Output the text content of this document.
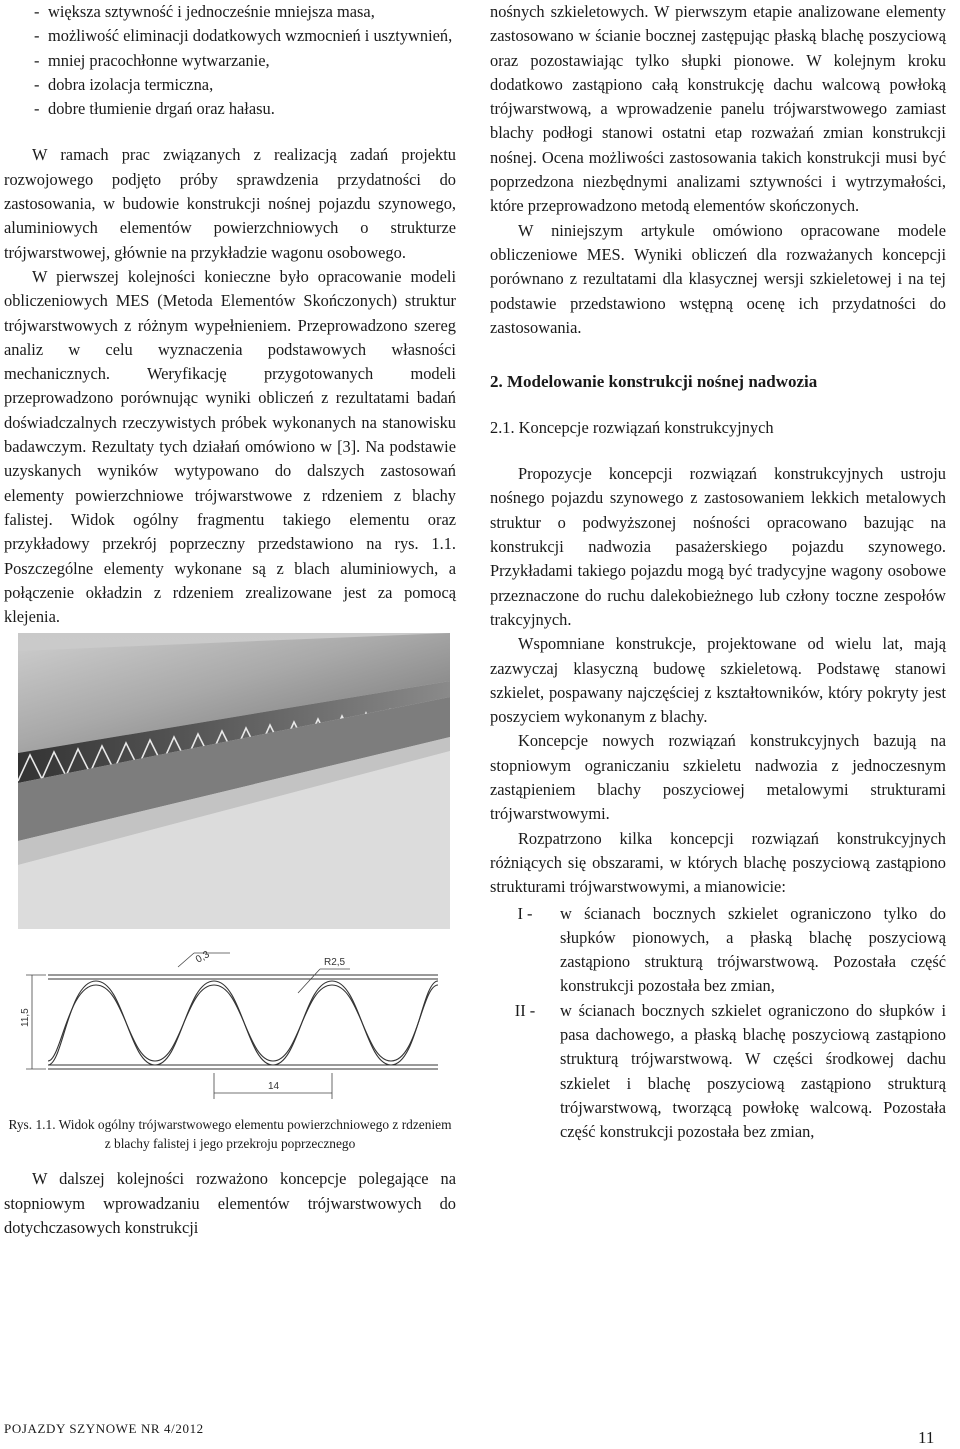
- większa sztywność i jednocześnie mniejsza masa,
- możliwość eliminacji dodatkowych wzmocnień i usztywnień,
- mniej pracochłonne wytwarzanie,
- dobra izolacja termiczna,
- dobre tłumienie drgań oraz hałasu.

W ramach prac związanych z realizacją zadań projektu rozwojowego podjęto próby sprawdzenia przydatności do zastosowania, w budowie konstrukcji nośnej pojazdu szynowego, aluminiowych elementów powierzchniowych o strukturze trójwarstwowej, głównie na przykładzie wagonu osobowego.

W pierwszej kolejności konieczne było opracowanie modeli obliczeniowych MES (Metoda Elementów Skończonych) struktur trójwarstwowych z różnym wypełnieniem. Przeprowadzono szereg analiz w celu wyznaczenia podstawowych własności mechanicznych. Weryfikację przygotowanych modeli przeprowadzono porównując wyniki obliczeń z rezultatami badań doświadczalnych rzeczywistych próbek wykonanych na stanowisku badawczym. Rezultaty tych działań omówiono w [3]. Na podstawie uzyskanych wyników wytypowano do dalszych zastosowań elementy powierzchniowe trójwarstwowe z rdzeniem z blachy falistej. Widok ogólny fragmentu takiego elementu oraz przykładowy przekrój poprzeczny przedstawiono na rys. 1.1. Poszczególne elementy wykonane są z blach aluminiowych, a połączenie okładzin z rdzeniem zrealizowane jest za pomocą klejenia.

11,5
0,3	R2,5
14

Rys. 1.1. Widok ogólny trójwarstwowego elementu powierzchniowego z rdzeniem z blachy falistej i jego przekroju poprzecznego

W dalszej kolejności rozważono koncepcje polegające na stopniowym wprowadzaniu elementów trójwarstwowych do dotychczasowych konstrukcji

nośnych szkieletowych. W pierwszym etapie analizowane elementy zastosowano w ścianie bocznej zastępując płaską blachę poszyciową oraz pozostawiając tylko słupki pionowe. W kolejnym kroku dodatkowo zastąpiono całą konstrukcję dachu walcową powłoką trójwarstwową, a wprowadzenie panelu trójwarstwowego zamiast blachy podłogi stanowi ostatni etap rozważań zmian konstrukcji nośnej. Ocena możliwości zastosowania takich konstrukcji musi być poprzedzona niezbędnymi analizami sztywności i wytrzymałości, które przeprowadzono metodą elementów skończonych.

W niniejszym artykule omówiono opracowane modele obliczeniowe MES. Wyniki obliczeń dla rozważanych koncepcji porównano z rezultatami dla klasycznej wersji szkieletowej i na tej podstawie przedstawiono wstępną ocenę ich przydatności do zastosowania.

2. Modelowanie konstrukcji nośnej nadwozia
2.1. Koncepcje rozwiązań konstrukcyjnych

Propozycje koncepcji rozwiązań konstrukcyjnych ustroju nośnego pojazdu szynowego z zastosowaniem lekkich metalowych struktur o podwyższonej nośności opracowano bazując na konstrukcji nadwozia pasażerskiego pojazdu szynowego. Przykładami takiego pojazdu mogą być tradycyjne wagony osobowe przeznaczone do ruchu dalekobieżnego lub człony toczne zespołów trakcyjnych.

Wspomniane konstrukcje, projektowane od wielu lat, mają zazwyczaj klasyczną budowę szkieletową. Podstawę stanowi szkielet, pospawany najczęściej z kształtowników, który pokryty jest poszyciem wykonanym z blachy.

Koncepcje nowych rozwiązań konstrukcyjnych bazują na stopniowym ograniczaniu szkieletu nadwozia z jednoczesnym zastąpieniem blachy poszyciowej metalowymi strukturami trójwarstwowymi.

Rozpatrzono kilka koncepcji rozwiązań konstrukcyjnych różniących się obszarami, w których blachę poszyciową zastąpiono strukturami trójwarstwowymi, a mianowicie:

I -	w ścianach bocznych szkielet ograniczono tylko do słupków pionowych, a płaską blachę poszyciową zastąpiono strukturą trójwarstwową. Pozostała część konstrukcji pozostała bez zmian,
II -	w ścianach bocznych szkielet ograniczono do słupków i pasa dachowego, a płaską blachę poszyciową zastąpiono strukturą trójwarstwową. W części środkowej dachu szkielet i blachę poszyciową zastąpiono strukturą trójwarstwową, tworzącą powłokę walcową. Pozostała część konstrukcji pozostała bez zmian,
POJAZDY SZYNOWE NR 4/2012	11
